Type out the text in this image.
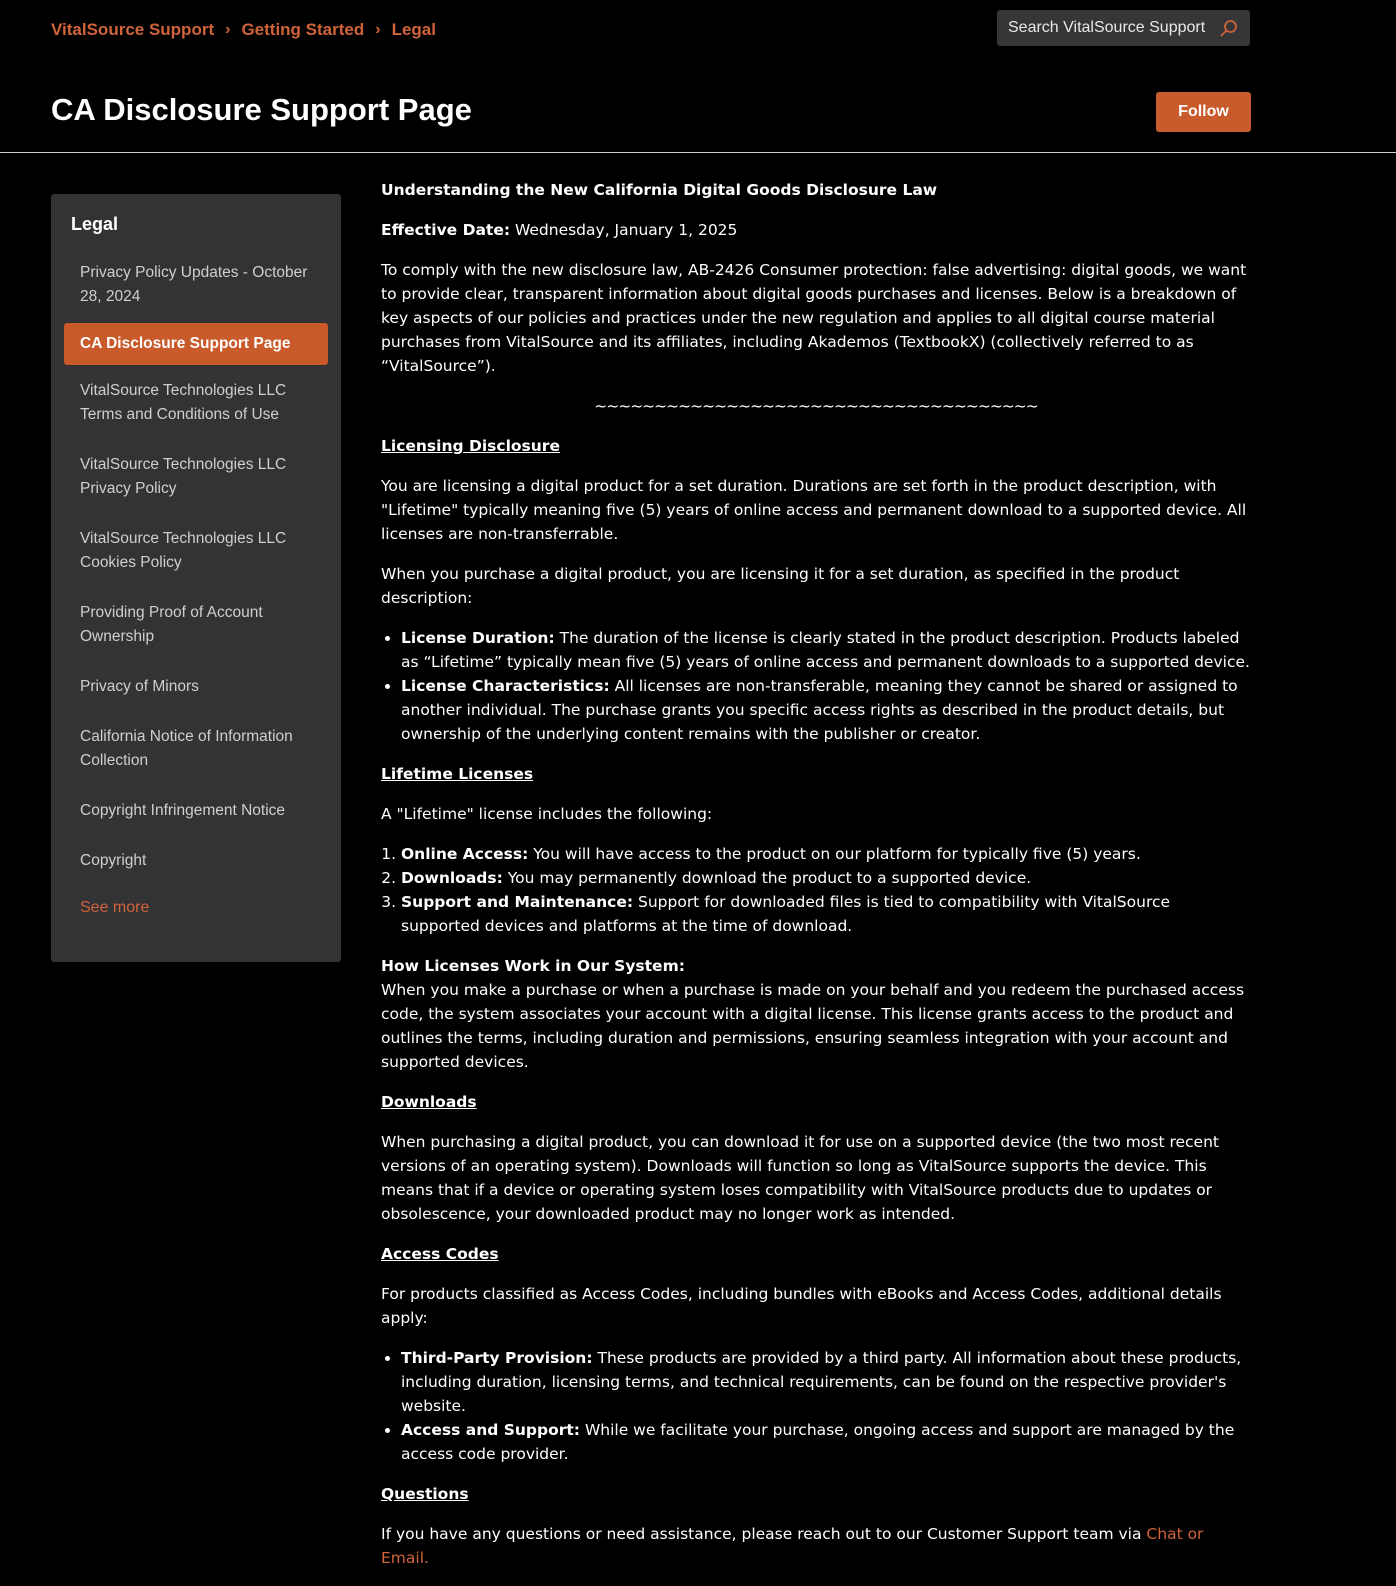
VitalSource Support › Getting Started › Legal
Search VitalSource Support
CA Disclosure Support Page	Follow
Legal
Privacy Policy Updates - October 28, 2024
CA Disclosure Support Page
VitalSource Technologies LLC Terms and Conditions of Use
VitalSource Technologies LLC Privacy Policy
VitalSource Technologies LLC Cookies Policy
Providing Proof of Account Ownership
Privacy of Minors
California Notice of Information Collection
Copyright Infringement Notice
Copyright
See more

Understanding the New California Digital Goods Disclosure Law

Effective Date: Wednesday, January 1, 2025

To comply with the new disclosure law, AB-2426 Consumer protection: false advertising: digital goods, we want to provide clear, transparent information about digital goods purchases and licenses. Below is a breakdown of key aspects of our policies and practices under the new regulation and applies to all digital course material purchases from VitalSource and its affiliates, including Akademos (TextbookX) (collectively referred to as “VitalSource”).

~~~~~~~~~~~~~~~~~~~~~~~~~~~~~~~~~~~~~

Licensing Disclosure

You are licensing a digital product for a set duration. Durations are set forth in the product description, with "Lifetime" typically meaning five (5) years of online access and permanent download to a supported device. All licenses are non-transferrable.

When you purchase a digital product, you are licensing it for a set duration, as specified in the product description:

• License Duration: The duration of the license is clearly stated in the product description. Products labeled as “Lifetime” typically mean five (5) years of online access and permanent downloads to a supported device.
• License Characteristics: All licenses are non-transferable, meaning they cannot be shared or assigned to another individual. The purchase grants you specific access rights as described in the product details, but ownership of the underlying content remains with the publisher or creator.

Lifetime Licenses

A "Lifetime" license includes the following:

1. Online Access: You will have access to the product on our platform for typically five (5) years.
2. Downloads: You may permanently download the product to a supported device.
3. Support and Maintenance: Support for downloaded files is tied to compatibility with VitalSource supported devices and platforms at the time of download.

How Licenses Work in Our System:
When you make a purchase or when a purchase is made on your behalf and you redeem the purchased access code, the system associates your account with a digital license. This license grants access to the product and outlines the terms, including duration and permissions, ensuring seamless integration with your account and supported devices.

Downloads

When purchasing a digital product, you can download it for use on a supported device (the two most recent versions of an operating system). Downloads will function so long as VitalSource supports the device. This means that if a device or operating system loses compatibility with VitalSource products due to updates or obsolescence, your downloaded product may no longer work as intended.

Access Codes

For products classified as Access Codes, including bundles with eBooks and Access Codes, additional details apply:

• Third-Party Provision: These products are provided by a third party. All information about these products, including duration, licensing terms, and technical requirements, can be found on the respective provider's website.
• Access and Support: While we facilitate your purchase, ongoing access and support are managed by the access code provider.

Questions

If you have any questions or need assistance, please reach out to our Customer Support team via Chat or Email.
